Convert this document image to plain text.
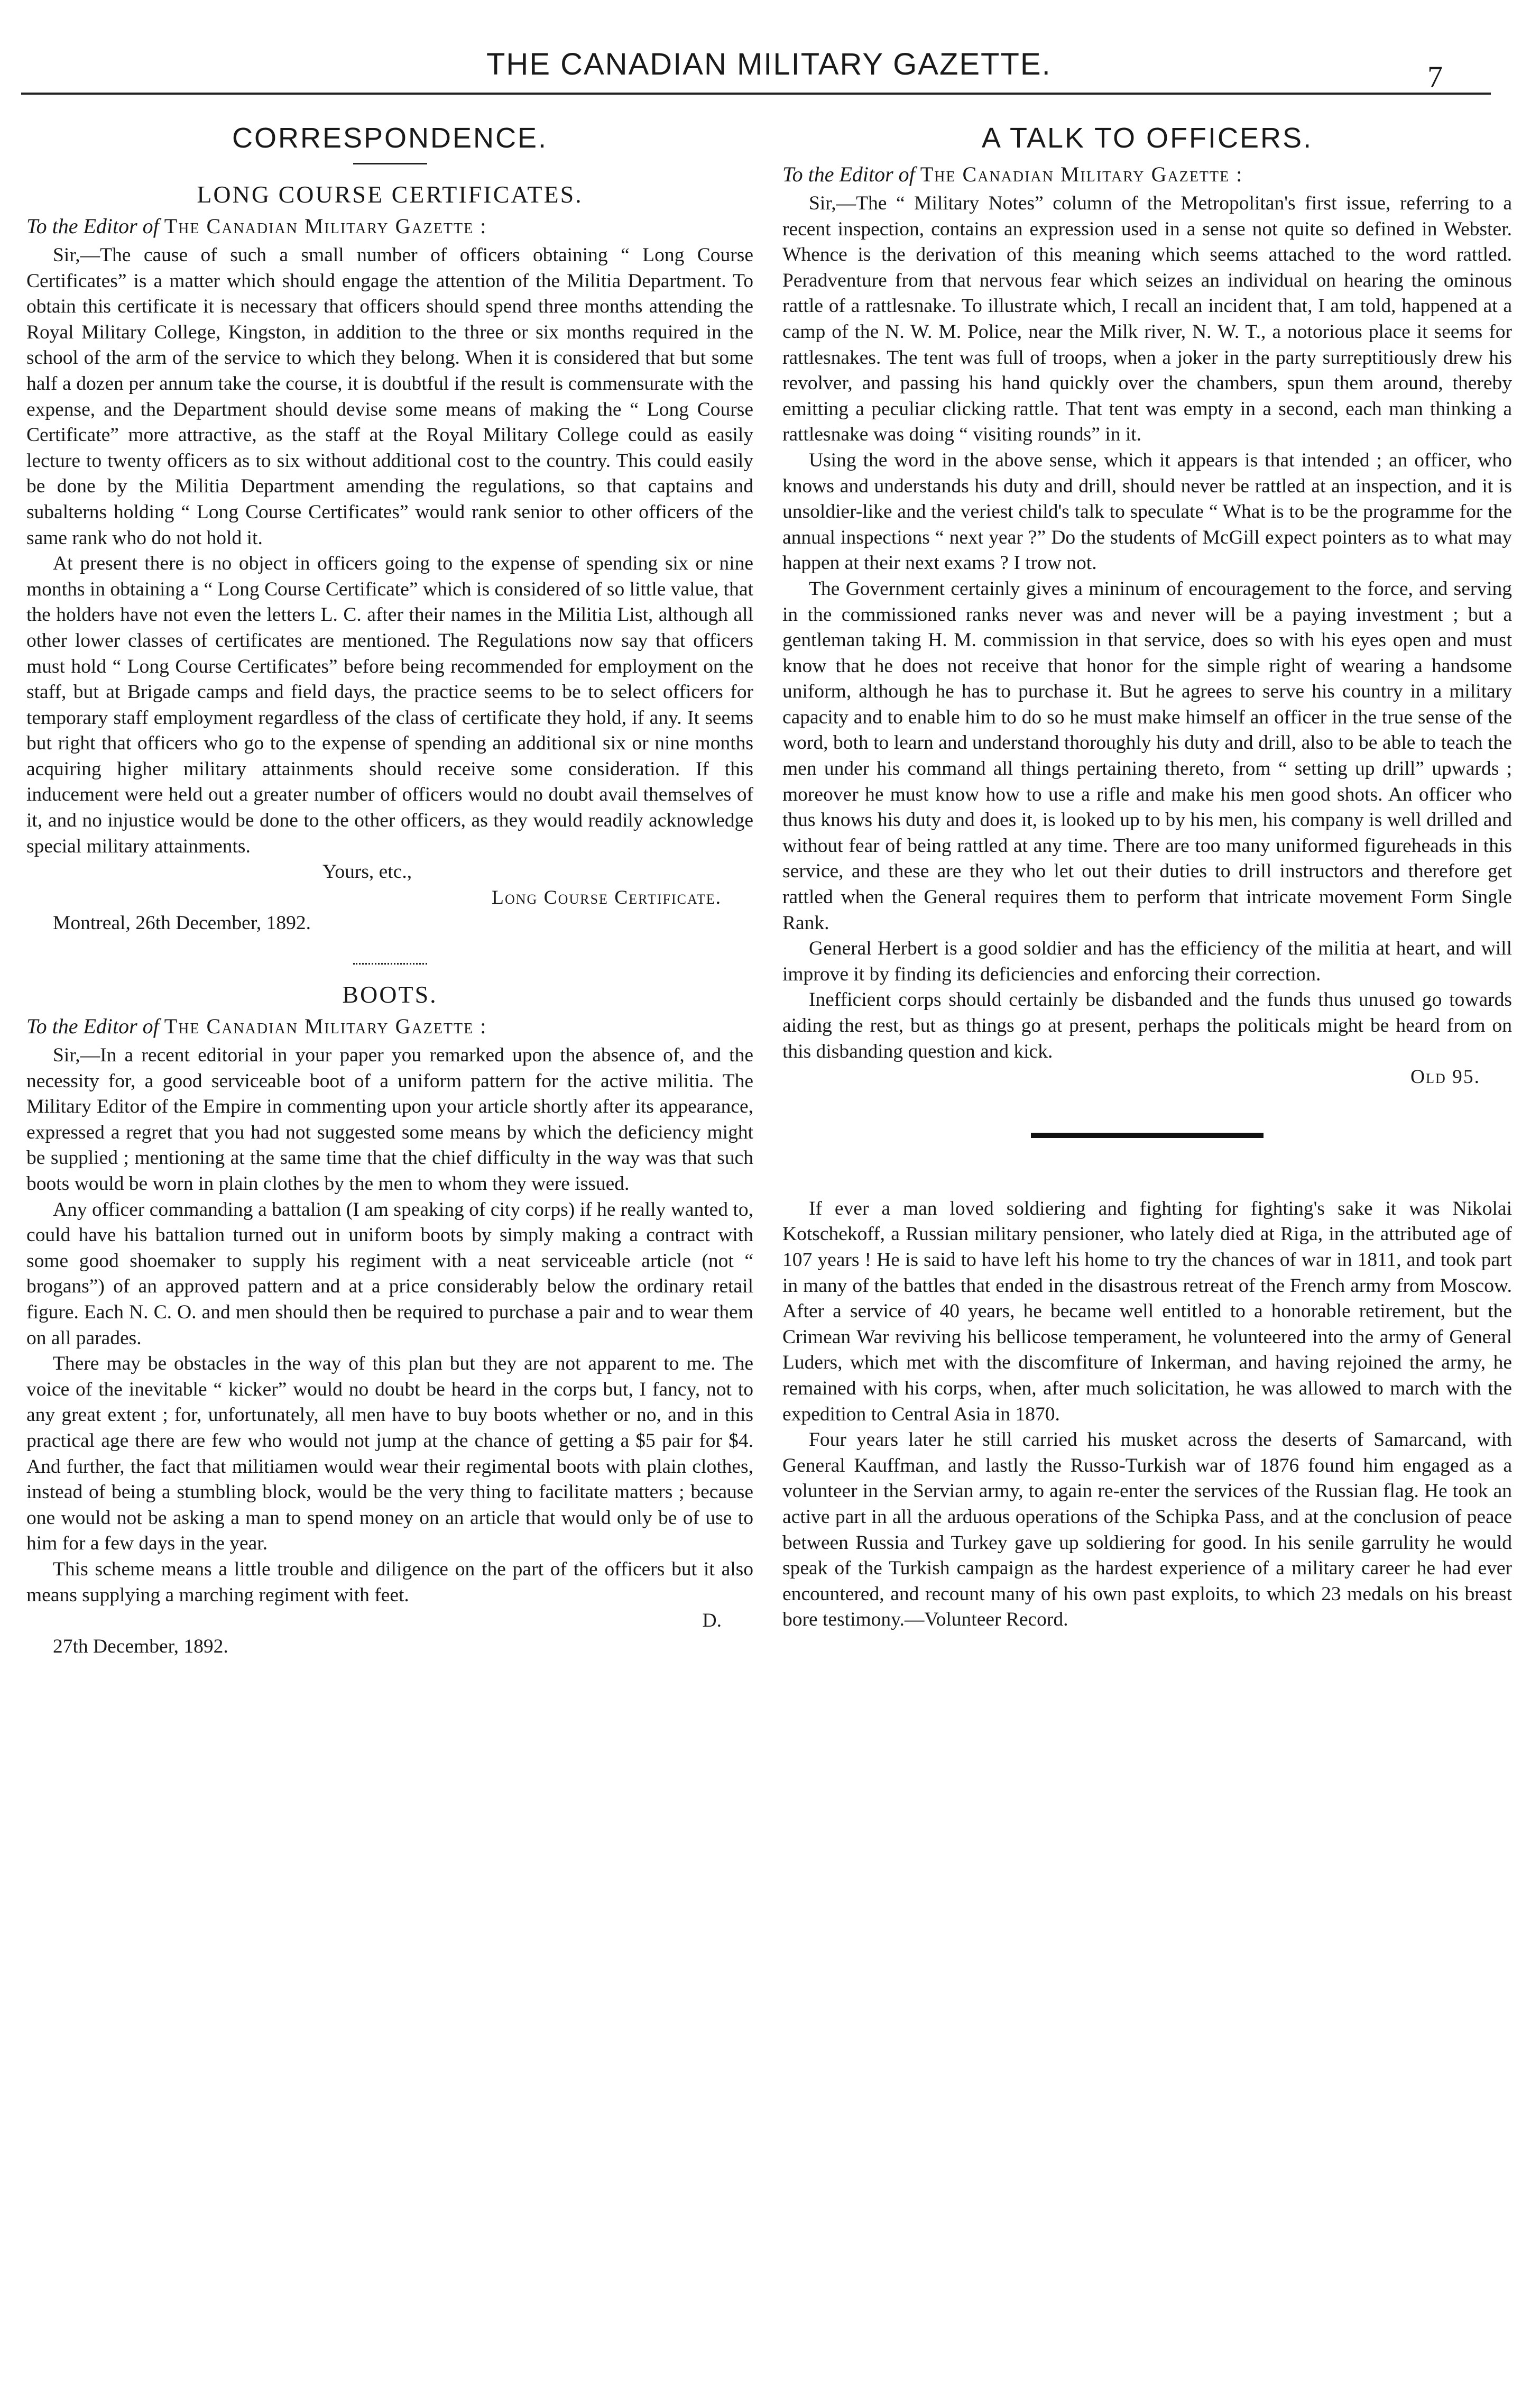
THE CANADIAN MILITARY GAZETTE.	7
CORRESPONDENCE.
LONG COURSE CERTIFICATES.
To the Editor of The Canadian Military Gazette :

Sir,—The cause of such a small number of officers obtaining “ Long Course Certificates” is a matter which should engage the attention of the Militia Department. To obtain this certificate it is necessary that officers should spend three months attending the Royal Military College, Kingston, in addition to the three or six months required in the school of the arm of the service to which they belong. When it is considered that but some half a dozen per annum take the course, it is doubtful if the result is commensurate with the expense, and the Department should devise some means of making the “ Long Course Certificate” more attractive, as the staff at the Royal Military College could as easily lecture to twenty officers as to six without additional cost to the country. This could easily be done by the Militia Department amending the regulations, so that captains and subalterns holding “ Long Course Certificates” would rank senior to other officers of the same rank who do not hold it.

At present there is no object in officers going to the expense of spending six or nine months in obtaining a “ Long Course Certificate” which is considered of so little value, that the holders have not even the letters L. C. after their names in the Militia List, although all other lower classes of certificates are mentioned. The Regulations now say that officers must hold “ Long Course Certificates” before being recommended for employment on the staff, but at Brigade camps and field days, the practice seems to be to select officers for temporary staff employment regardless of the class of certificate they hold, if any. It seems but right that officers who go to the expense of spending an additional six or nine months acquiring higher military attainments should receive some consideration. If this inducement were held out a greater number of officers would no doubt avail themselves of it, and no injustice would be done to the other officers, as they would readily acknowledge special military attainments.

Yours, etc.,
Long Course Certificate.
Montreal, 26th December, 1892.
BOOTS.
To the Editor of The Canadian Military Gazette :

Sir,—In a recent editorial in your paper you remarked upon the absence of, and the necessity for, a good serviceable boot of a uniform pattern for the active militia. The Military Editor of the Empire in commenting upon your article shortly after its appearance, expressed a regret that you had not suggested some means by which the deficiency might be supplied ; mentioning at the same time that the chief difficulty in the way was that such boots would be worn in plain clothes by the men to whom they were issued.

Any officer commanding a battalion (I am speaking of city corps) if he really wanted to, could have his battalion turned out in uniform boots by simply making a contract with some good shoemaker to supply his regiment with a neat serviceable article (not “ brogans”) of an approved pattern and at a price considerably below the ordinary retail figure. Each N. C. O. and men should then be required to purchase a pair and to wear them on all parades.

There may be obstacles in the way of this plan but they are not apparent to me. The voice of the inevitable “ kicker” would no doubt be heard in the corps but, I fancy, not to any great extent ; for, unfortunately, all men have to buy boots whether or no, and in this practical age there are few who would not jump at the chance of getting a $5 pair for $4. And further, the fact that militiamen would wear their regimental boots with plain clothes, instead of being a stumbling block, would be the very thing to facilitate matters ; because one would not be asking a man to spend money on an article that would only be of use to him for a few days in the year.

This scheme means a little trouble and diligence on the part of the officers but it also means supplying a marching regiment with feet.

D.
27th December, 1892.
A TALK TO OFFICERS.
To the Editor of The Canadian Military Gazette :

Sir,—The “ Military Notes” column of the Metropolitan's first issue, referring to a recent inspection, contains an expression used in a sense not quite so defined in Webster. Whence is the derivation of this meaning which seems attached to the word rattled. Peradventure from that nervous fear which seizes an individual on hearing the ominous rattle of a rattlesnake. To illustrate which, I recall an incident that, I am told, happened at a camp of the N. W. M. Police, near the Milk river, N. W. T., a notorious place it seems for rattlesnakes. The tent was full of troops, when a joker in the party surreptitiously drew his revolver, and passing his hand quickly over the chambers, spun them around, thereby emitting a peculiar clicking rattle. That tent was empty in a second, each man thinking a rattlesnake was doing “ visiting rounds” in it.

Using the word in the above sense, which it appears is that intended ; an officer, who knows and understands his duty and drill, should never be rattled at an inspection, and it is unsoldier-like and the veriest child's talk to speculate “ What is to be the programme for the annual inspections “ next year ?” Do the students of McGill expect pointers as to what may happen at their next exams ? I trow not.

The Government certainly gives a mininum of encouragement to the force, and serving in the commissioned ranks never was and never will be a paying investment ; but a gentleman taking H. M. commission in that service, does so with his eyes open and must know that he does not receive that honor for the simple right of wearing a handsome uniform, although he has to purchase it. But he agrees to serve his country in a military capacity and to enable him to do so he must make himself an officer in the true sense of the word, both to learn and understand thoroughly his duty and drill, also to be able to teach the men under his command all things pertaining thereto, from “ setting up drill” upwards ; moreover he must know how to use a rifle and make his men good shots. An officer who thus knows his duty and does it, is looked up to by his men, his company is well drilled and without fear of being rattled at any time. There are too many uniformed figureheads in this service, and these are they who let out their duties to drill instructors and therefore get rattled when the General requires them to perform that intricate movement Form Single Rank.

General Herbert is a good soldier and has the efficiency of the militia at heart, and will improve it by finding its deficiencies and enforcing their correction.

Inefficient corps should certainly be disbanded and the funds thus unused go towards aiding the rest, but as things go at present, perhaps the politicals might be heard from on this disbanding question and kick.

Old 95.

If ever a man loved soldiering and fighting for fighting's sake it was Nikolai Kotschekoff, a Russian military pensioner, who lately died at Riga, in the attributed age of 107 years ! He is said to have left his home to try the chances of war in 1811, and took part in many of the battles that ended in the disastrous retreat of the French army from Moscow. After a service of 40 years, he became well entitled to a honorable retirement, but the Crimean War reviving his bellicose temperament, he volunteered into the army of General Luders, which met with the discomfiture of Inkerman, and having rejoined the army, he remained with his corps, when, after much solicitation, he was allowed to march with the expedition to Central Asia in 1870.

Four years later he still carried his musket across the deserts of Samarcand, with General Kauffman, and lastly the Russo-Turkish war of 1876 found him engaged as a volunteer in the Servian army, to again re-enter the services of the Russian flag. He took an active part in all the arduous operations of the Schipka Pass, and at the conclusion of peace between Russia and Turkey gave up soldiering for good. In his senile garrulity he would speak of the Turkish campaign as the hardest experience of a military career he had ever encountered, and recount many of his own past exploits, to which 23 medals on his breast bore testimony.—Volunteer Record.
